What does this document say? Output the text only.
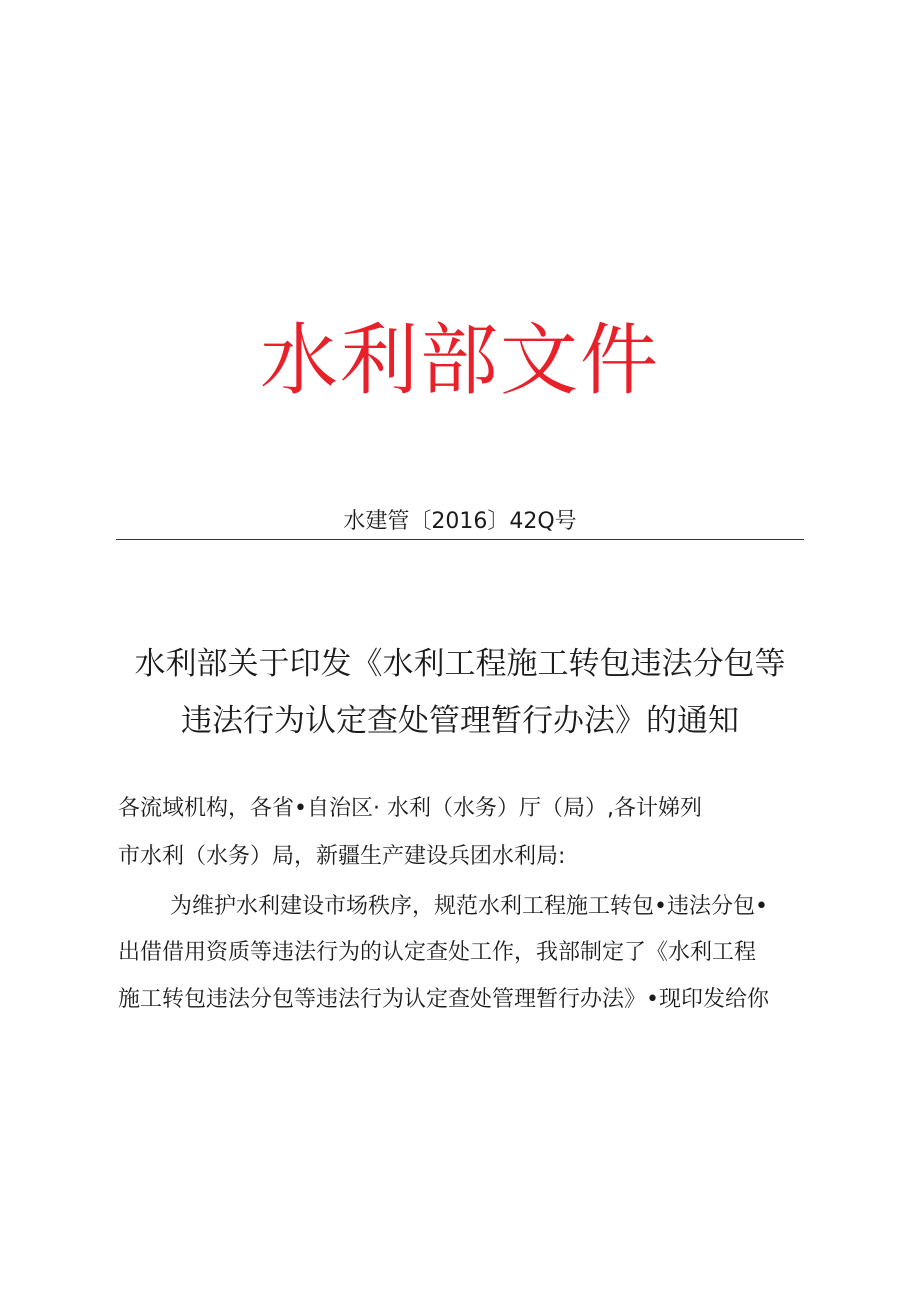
水利部文件
水建管〔2016〕42Q号
水利部关于印发《水利工程施工转包违法分包等
违法行为认定查处管理暂行办法》的通知
各流域机构，各省•自治区· 水利（水务）厅（局）,各计娣列
市水利（水务）局，新疆生产建设兵团水利局:
为维护水利建设市场秩序，规范水利工程施工转包•违法分包•
出借借用资质等违法行为的认定查处工作，我部制定了《水利工程
施工转包违法分包等违法行为认定查处管理暂行办法》•现印发给你
